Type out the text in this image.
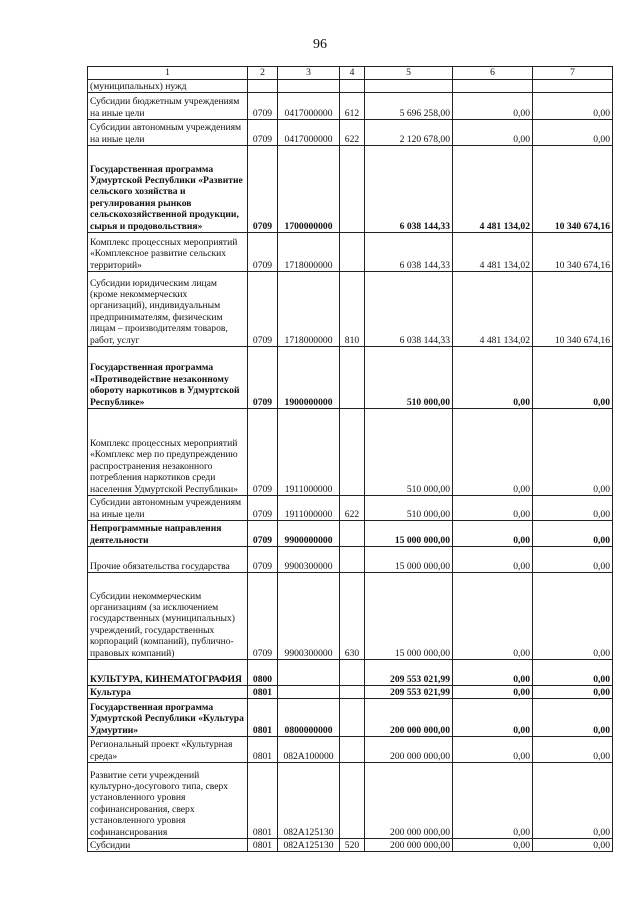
96
1	2	3	4	5	6	7
(муниципальных) нужд						
Субсидии бюджетным учреждениям на иные цели	0709	0417000000	612	5 696 258,00	0,00	0,00
Субсидии автономным учреждениям на иные цели	0709	0417000000	622	2 120 678,00	0,00	0,00
Государственная программа Удмуртской Республики «Развитие сельского хозяйства и регулирования рынков сельскохозяйственной продукции, сырья и продовольствия»	0709	1700000000		6 038 144,33	4 481 134,02	10 340 674,16
Комплекс процессных мероприятий «Комплексное развитие сельских территорий»	0709	1718000000		6 038 144,33	4 481 134,02	10 340 674,16
Субсидии юридическим лицам (кроме некоммерческих организаций), индивидуальным предпринимателям, физическим лицам – производителям товаров, работ, услуг	0709	1718000000	810	6 038 144,33	4 481 134,02	10 340 674,16
Государственная программа «Противодействие незаконному обороту наркотиков в Удмуртской Республике»	0709	1900000000		510 000,00	0,00	0,00
Комплекс процессных мероприятий «Комплекс мер по предупреждению распространения незаконного потребления наркотиков среди населения Удмуртской Республики»	0709	1911000000		510 000,00	0,00	0,00
Субсидии автономным учреждениям на иные цели	0709	1911000000	622	510 000,00	0,00	0,00
Непрограммные направления деятельности	0709	9900000000		15 000 000,00	0,00	0,00
Прочие обязательства государства	0709	9900300000		15 000 000,00	0,00	0,00
Субсидии некоммерческим организациям (за исключением государственных (муниципальных) учреждений, государственных корпораций (компаний), публично-правовых компаний)	0709	9900300000	630	15 000 000,00	0,00	0,00
КУЛЬТУРА, КИНЕМАТОГРАФИЯ	0800			209 553 021,99	0,00	0,00
Культура	0801			209 553 021,99	0,00	0,00
Государственная программа Удмуртской Республики «Культура Удмуртии»	0801	0800000000		200 000 000,00	0,00	0,00
Региональный проект «Культурная среда»	0801	082A100000		200 000 000,00	0,00	0,00
Развитие сети учреждений культурно-досугового типа, сверх установленного уровня софинансирования, сверх установленного уровня софинансирования	0801	082A125130		200 000 000,00	0,00	0,00
Субсидии	0801	082A125130	520	200 000 000,00	0,00	0,00
